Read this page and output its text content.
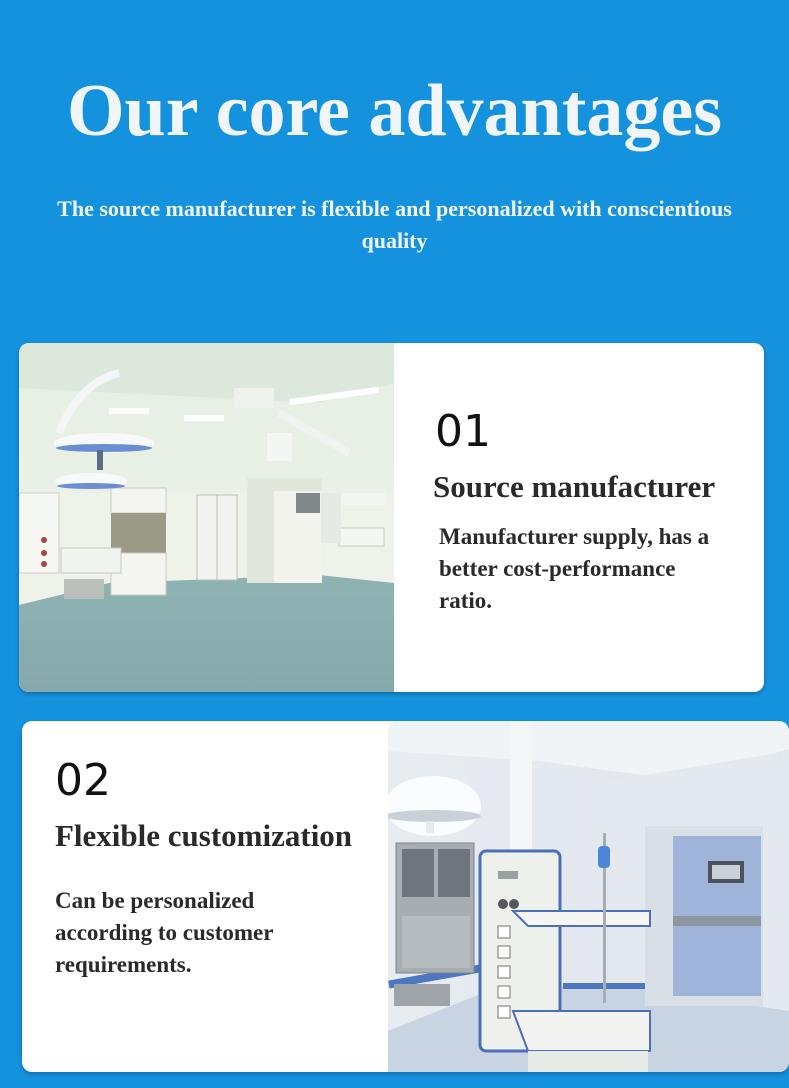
Our core advantages
The source manufacturer is flexible and personalized with conscientious quality
01
Source manufacturer
Manufacturer supply, has a better cost-performance ratio.
02
Flexible customization
Can be personalized according to customer requirements.
